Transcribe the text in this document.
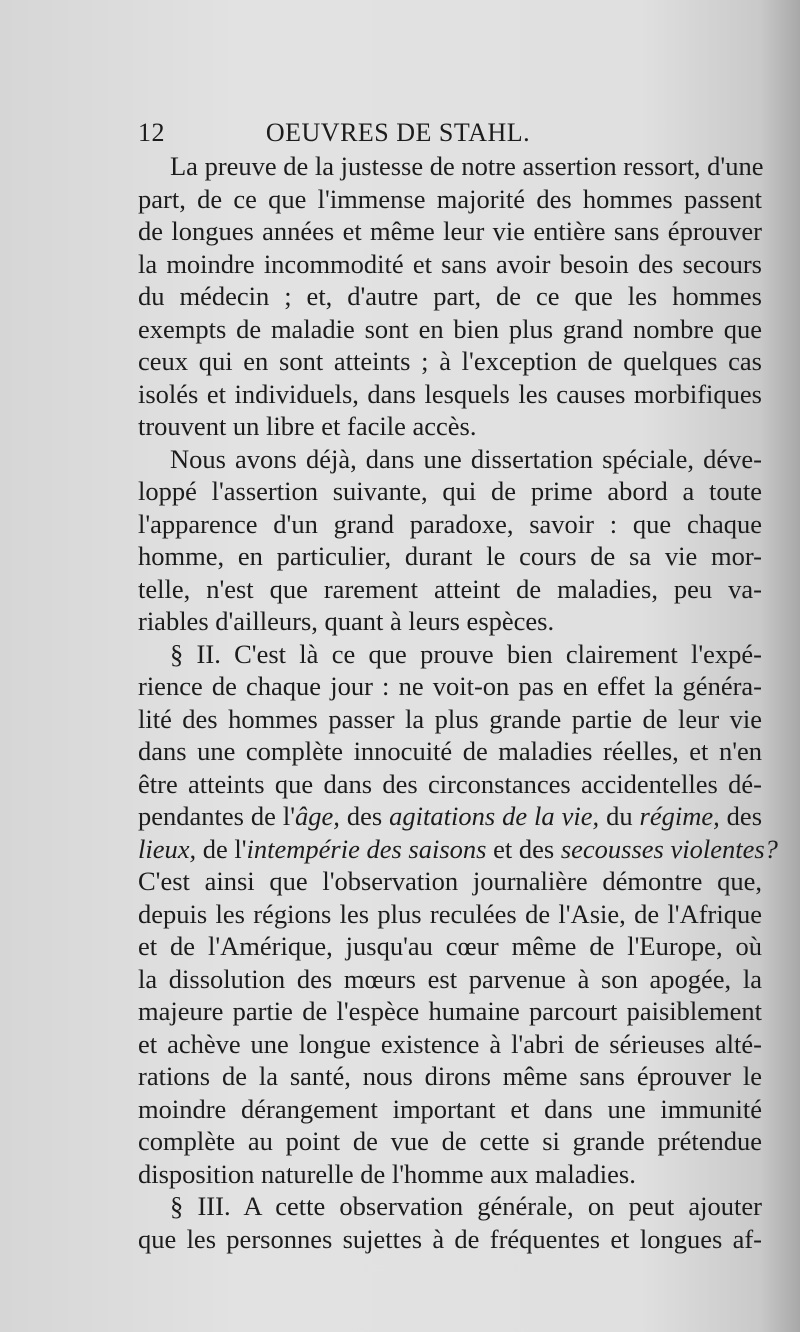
12	OEUVRES DE STAHL.
La preuve de la justesse de notre assertion ressort, d'une
part, de ce que l'immense majorité des hommes passent
de longues années et même leur vie entière sans éprouver
la moindre incommodité et sans avoir besoin des secours
du médecin ; et, d'autre part, de ce que les hommes
exempts de maladie sont en bien plus grand nombre que
ceux qui en sont atteints ; à l'exception de quelques cas
isolés et individuels, dans lesquels les causes morbifiques
trouvent un libre et facile accès.
Nous avons déjà, dans une dissertation spéciale, déve-
loppé l'assertion suivante, qui de prime abord a toute
l'apparence d'un grand paradoxe, savoir : que chaque
homme, en particulier, durant le cours de sa vie mor-
telle, n'est que rarement atteint de maladies, peu va-
riables d'ailleurs, quant à leurs espèces.
§ II. C'est là ce que prouve bien clairement l'expé-
rience de chaque jour : ne voit-on pas en effet la généra-
lité des hommes passer la plus grande partie de leur vie
dans une complète innocuité de maladies réelles, et n'en
être atteints que dans des circonstances accidentelles dé-
pendantes de l'âge, des agitations de la vie, du régime, des
lieux, de l'intempérie des saisons et des secousses violentes?
C'est ainsi que l'observation journalière démontre que,
depuis les régions les plus reculées de l'Asie, de l'Afrique
et de l'Amérique, jusqu'au cœur même de l'Europe, où
la dissolution des mœurs est parvenue à son apogée, la
majeure partie de l'espèce humaine parcourt paisiblement
et achève une longue existence à l'abri de sérieuses alté-
rations de la santé, nous dirons même sans éprouver le
moindre dérangement important et dans une immunité
complète au point de vue de cette si grande prétendue
disposition naturelle de l'homme aux maladies.
§ III. A cette observation générale, on peut ajouter
que les personnes sujettes à de fréquentes et longues af-
